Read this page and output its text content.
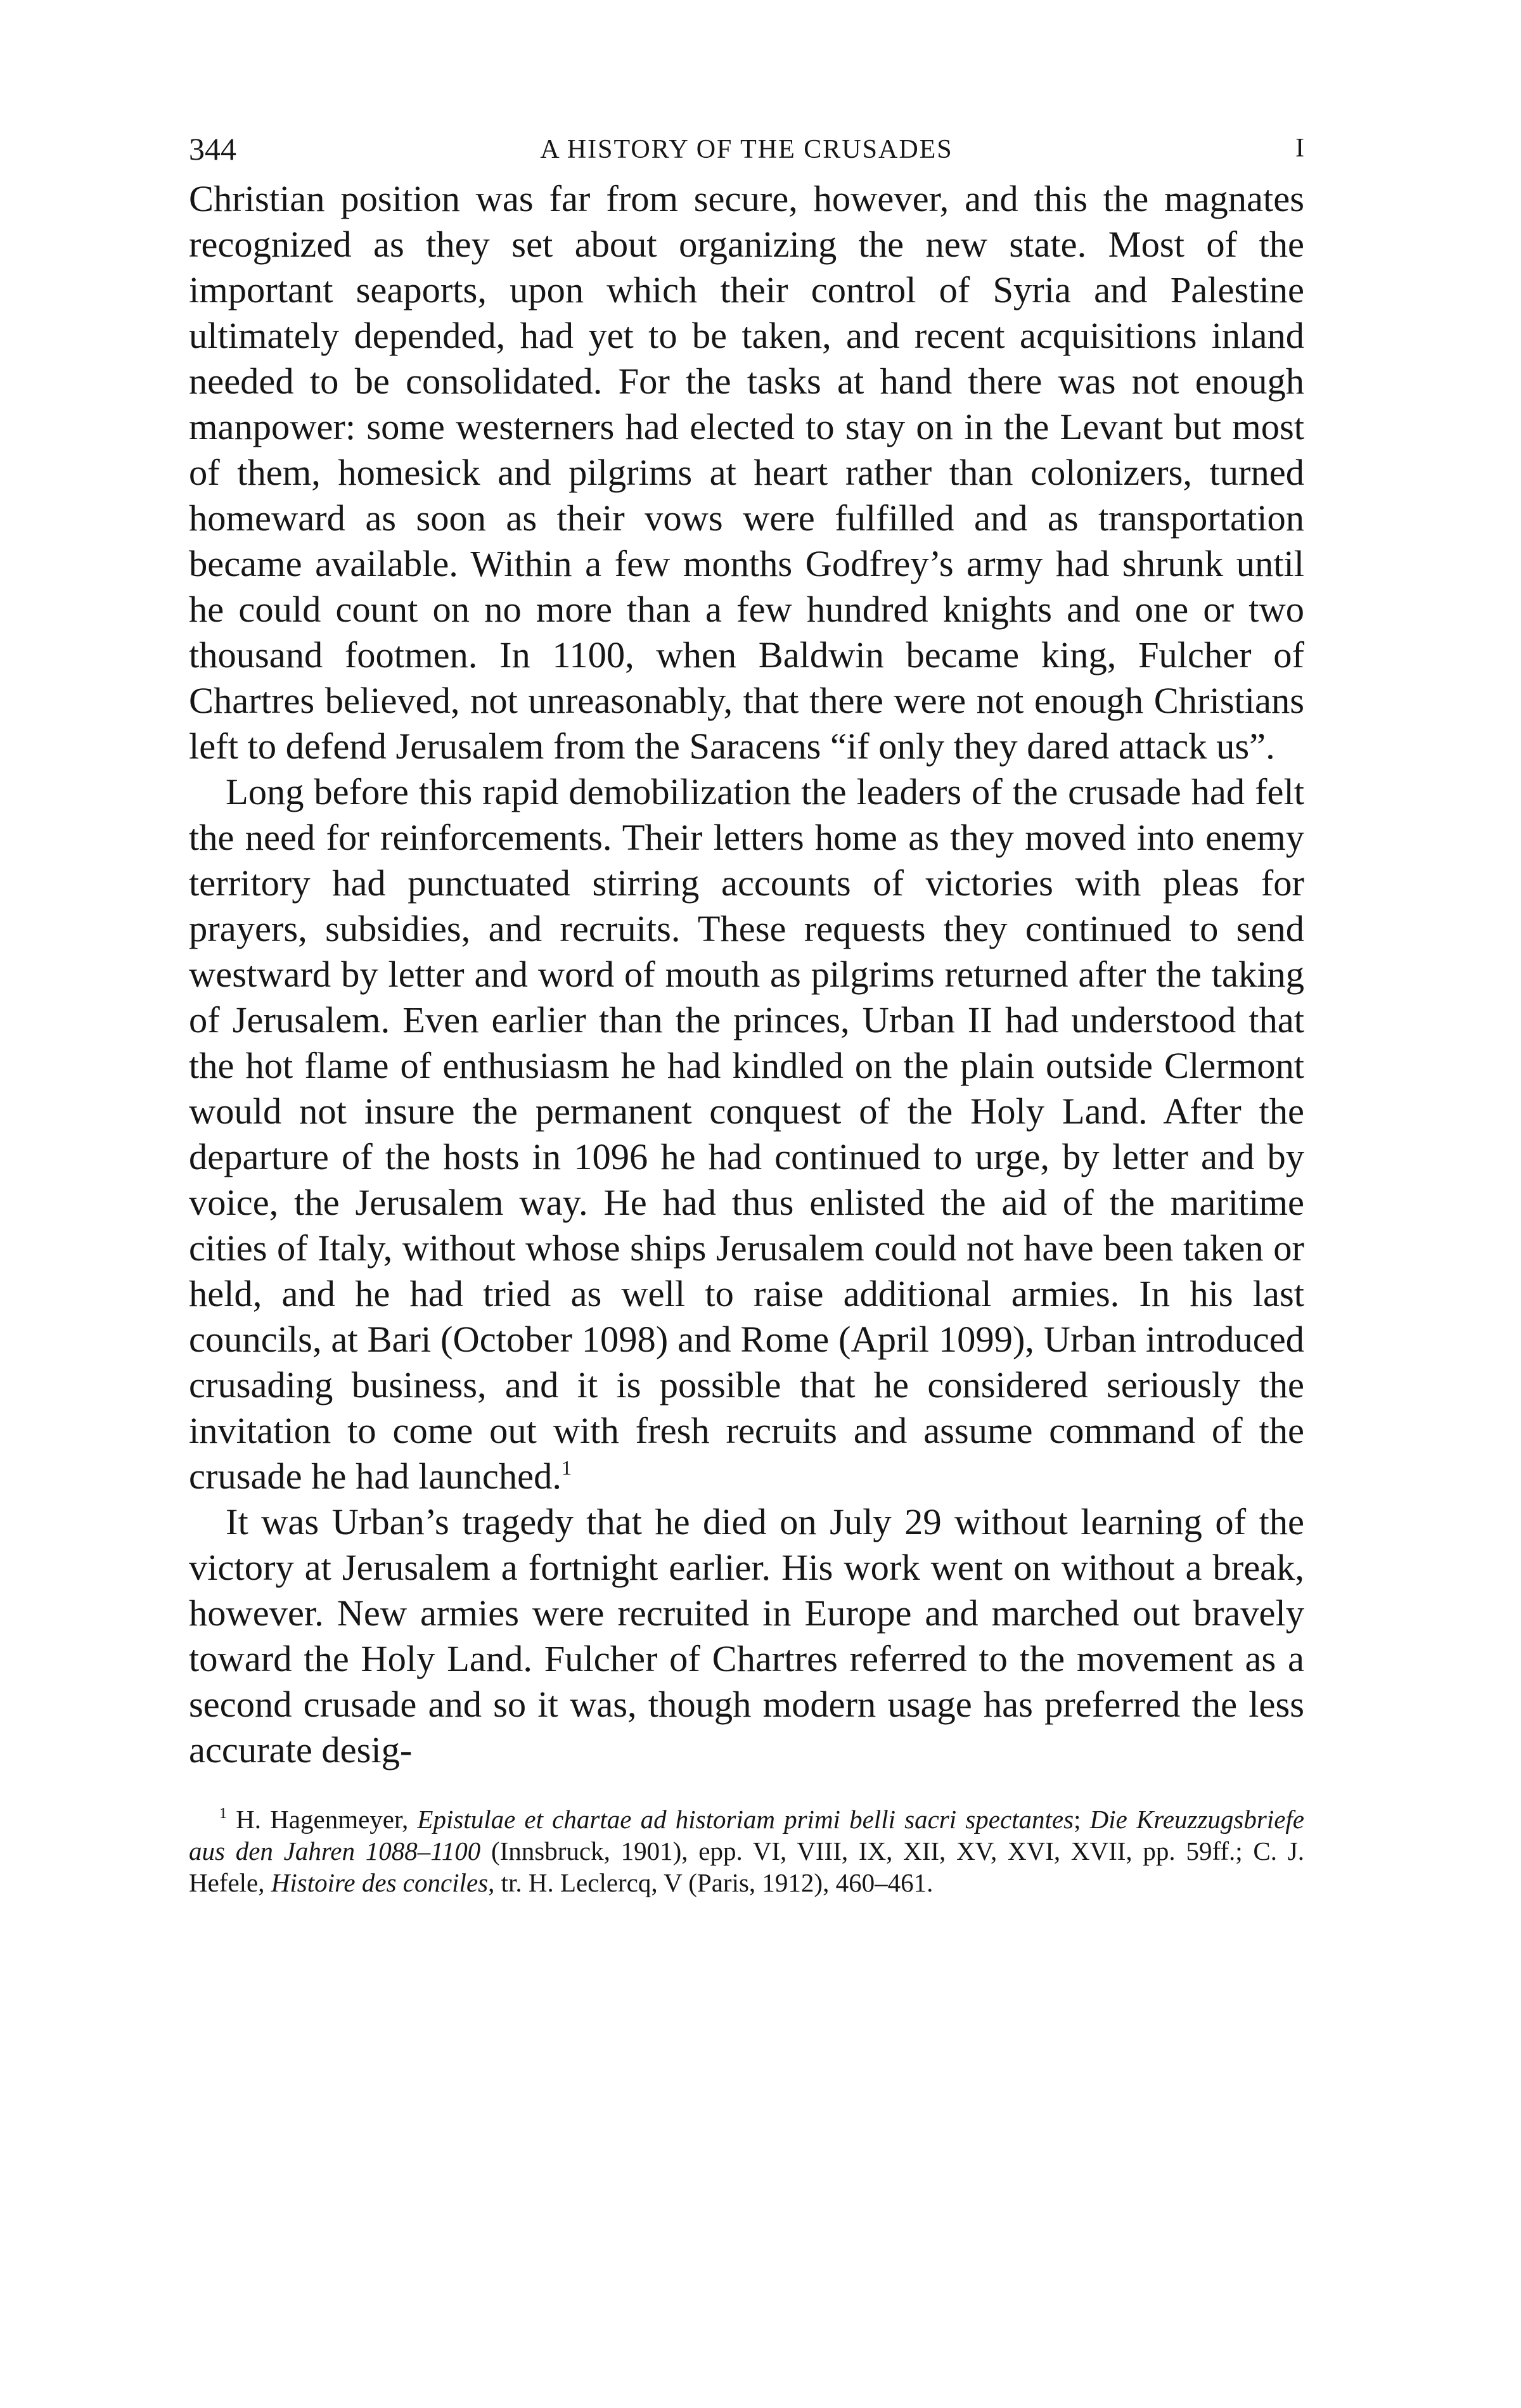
344	A HISTORY OF THE CRUSADES	I

Christian position was far from secure, however, and this the magnates recognized as they set about organizing the new state. Most of the important seaports, upon which their control of Syria and Palestine ultimately depended, had yet to be taken, and recent acquisitions inland needed to be consolidated. For the tasks at hand there was not enough manpower: some westerners had elected to stay on in the Levant but most of them, homesick and pilgrims at heart rather than colonizers, turned homeward as soon as their vows were fulfilled and as transportation became available. Within a few months Godfrey’s army had shrunk until he could count on no more than a few hundred knights and one or two thousand footmen. In 1100, when Baldwin became king, Fulcher of Chartres believed, not unreasonably, that there were not enough Christians left to defend Jerusalem from the Saracens “if only they dared attack us”.

Long before this rapid demobilization the leaders of the crusade had felt the need for reinforcements. Their letters home as they moved into enemy territory had punctuated stirring accounts of victories with pleas for prayers, subsidies, and recruits. These requests they continued to send westward by letter and word of mouth as pilgrims returned after the taking of Jerusalem. Even earlier than the princes, Urban II had understood that the hot flame of enthusiasm he had kindled on the plain outside Clermont would not insure the permanent conquest of the Holy Land. After the departure of the hosts in 1096 he had continued to urge, by letter and by voice, the Jerusalem way. He had thus enlisted the aid of the maritime cities of Italy, without whose ships Jerusalem could not have been taken or held, and he had tried as well to raise additional armies. In his last councils, at Bari (October 1098) and Rome (April 1099), Urban introduced crusading business, and it is possible that he considered seriously the invitation to come out with fresh recruits and assume command of the crusade he had launched.$^1$

It was Urban’s tragedy that he died on July 29 without learning of the victory at Jerusalem a fortnight earlier. His work went on without a break, however. New armies were recruited in Europe and marched out bravely toward the Holy Land. Fulcher of Chartres referred to the movement as a second crusade and so it was, though modern usage has preferred the less accurate desig-

$^1$ H. Hagenmeyer, Epistulae et chartae ad historiam primi belli sacri spectantes; Die Kreuzzugsbriefe aus den Jahren 1088–1100 (Innsbruck, 1901), epp. VI, VIII, IX, XII, XV, XVI, XVII, pp. 59ff.; C. J. Hefele, Histoire des conciles, tr. H. Leclercq, V (Paris, 1912), 460–461.
